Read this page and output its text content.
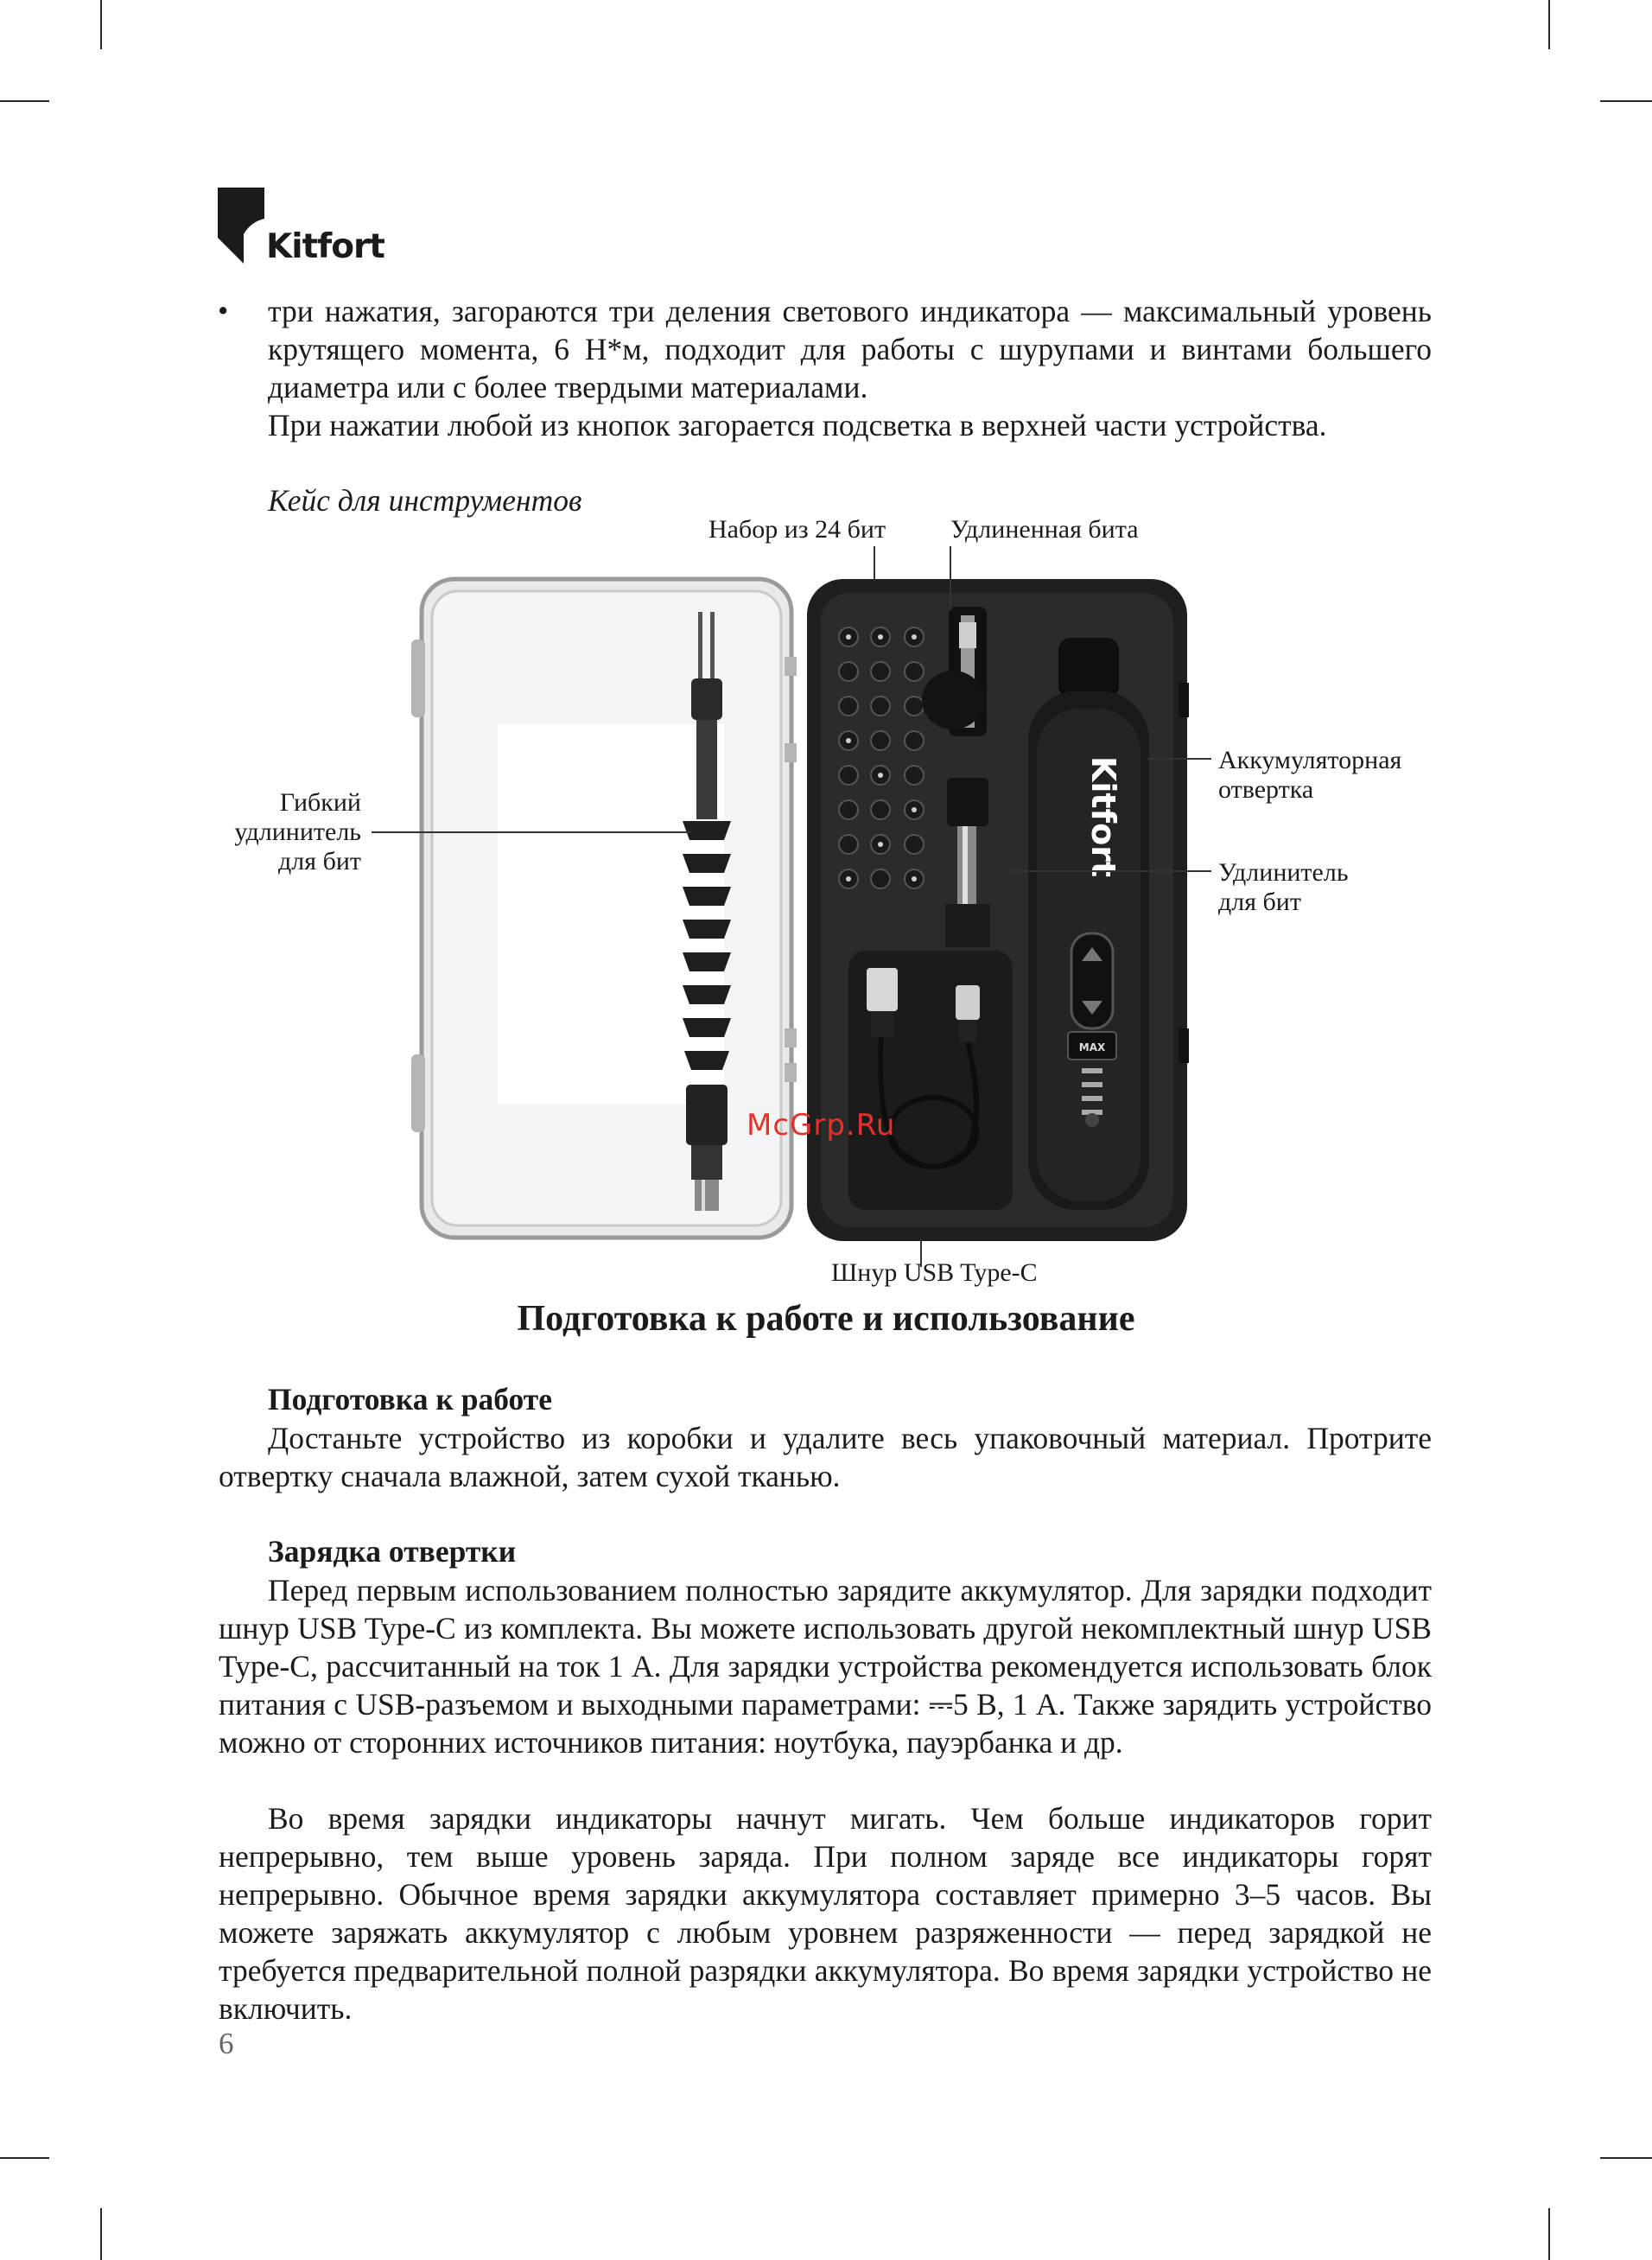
Kitfort
• три нажатия, загораются три деления светового индикатора — максимальный уровень крутящего момента, 6 Н*м, подходит для работы с шурупами и винтами большего диаметра или с более твердыми материалами.
При нажатии любой из кнопок загорается подсветка в верхней части устройства.
Кейс для инструментов
Kitfort
MAX
Набор из 24 бит Удлиненная бита
Гибкий
удлинитель
для бит
Аккумуляторная
отвертка
Удлинитель
для бит
Шнур USB Type-C
McGrp.Ru
Подготовка к работе и использование
Подготовка к работе
Достаньте устройство из коробки и удалите весь упаковочный материал. Протрите отвертку сначала влажной, затем сухой тканью.
Зарядка отвертки
Перед первым использованием полностью зарядите аккумулятор. Для зарядки подходит шнур USB Type-C из комплекта. Вы можете использовать другой некомплектный шнур USB Type-C, рассчитанный на ток 1 А. Для зарядки устройства рекомендуется использовать блок питания с USB-разъемом и выходными параметрами: ⎓5 В, 1 А. Также зарядить устройство можно от сторонних источников питания: ноутбука, пауэрбанка и др.
Во время зарядки индикаторы начнут мигать. Чем больше индикаторов горит непрерывно, тем выше уровень заряда. При полном заряде все индикаторы горят непрерывно. Обычное время зарядки аккумулятора составляет примерно 3–5 часов. Вы можете заряжать аккумулятор с любым уровнем разряженности — перед зарядкой не требуется предварительной полной разрядки аккумулятора. Во время зарядки устройство не включить.
6
